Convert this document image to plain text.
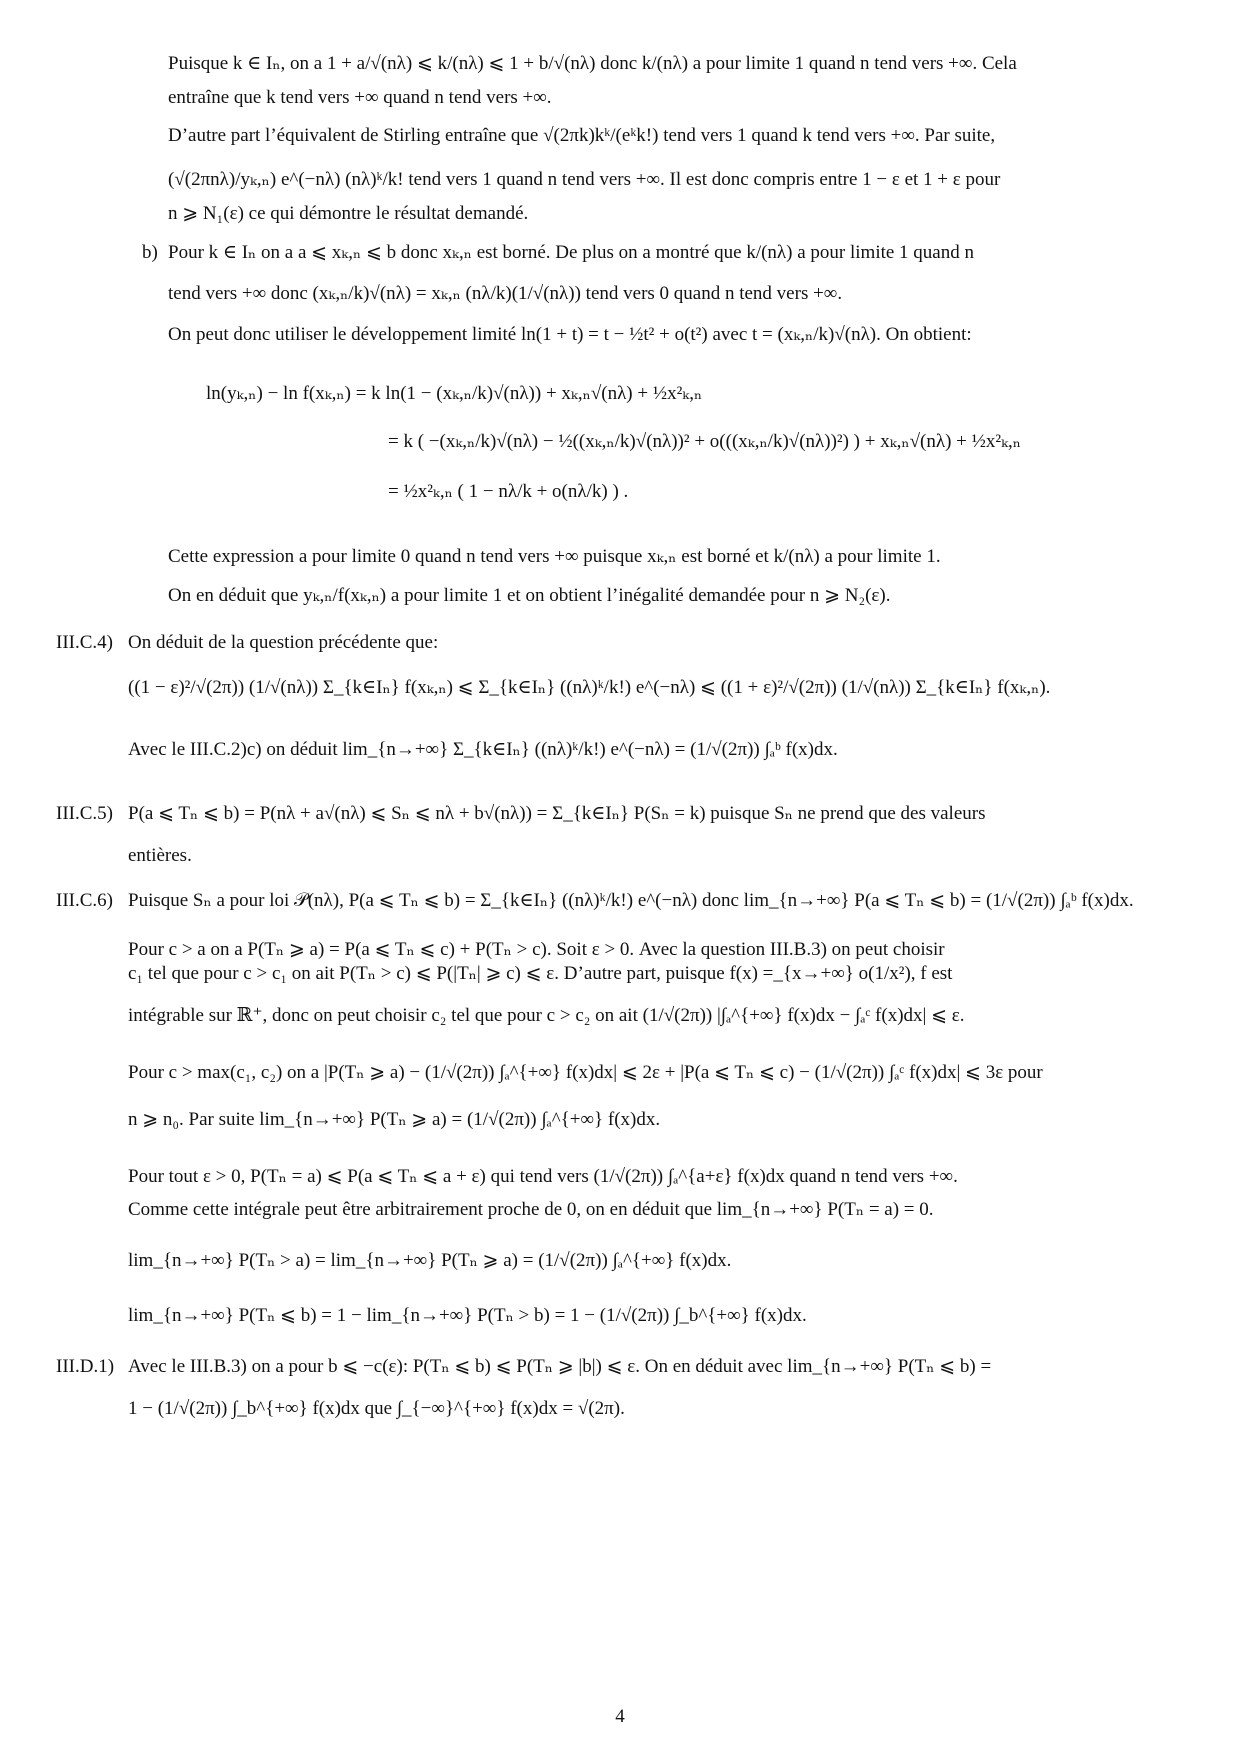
Puisque k ∈ Iₙ, on a 1 + a/√(nλ) ⩽ k/(nλ) ⩽ 1 + b/√(nλ) donc k/(nλ) a pour limite 1 quand n tend vers +∞. Cela
entraîne que k tend vers +∞ quand n tend vers +∞.
D’autre part l’équivalent de Stirling entraîne que √(2πk)kᵏ/(eᵏk!) tend vers 1 quand k tend vers +∞. Par suite,
(√(2πnλ)/yₖ,ₙ) e^(−nλ) (nλ)ᵏ/k! tend vers 1 quand n tend vers +∞. Il est donc compris entre 1 − ε et 1 + ε pour
n ⩾ N₁(ε) ce qui démontre le résultat demandé.
b) Pour k ∈ Iₙ on a a ⩽ xₖ,ₙ ⩽ b donc xₖ,ₙ est borné. De plus on a montré que k/(nλ) a pour limite 1 quand n
tend vers +∞ donc (xₖ,ₙ/k)√(nλ) = xₖ,ₙ (nλ/k)(1/√(nλ)) tend vers 0 quand n tend vers +∞.
On peut donc utiliser le développement limité ln(1 + t) = t − ½t² + o(t²) avec t = (xₖ,ₙ/k)√(nλ). On obtient:
ln(yₖ,ₙ) − ln f(xₖ,ₙ) = k ln(1 − (xₖ,ₙ/k)√(nλ)) + xₖ,ₙ√(nλ) + ½x²ₖ,ₙ
= k ( −(xₖ,ₙ/k)√(nλ) − ½((xₖ,ₙ/k)√(nλ))² + o(((xₖ,ₙ/k)√(nλ))²) ) + xₖ,ₙ√(nλ) + ½x²ₖ,ₙ
= ½x²ₖ,ₙ ( 1 − nλ/k + o(nλ/k) ) .
Cette expression a pour limite 0 quand n tend vers +∞ puisque xₖ,ₙ est borné et k/(nλ) a pour limite 1.
On en déduit que yₖ,ₙ/f(xₖ,ₙ) a pour limite 1 et on obtient l’inégalité demandée pour n ⩾ N₂(ε).
III.C.4) On déduit de la question précédente que:
((1 − ε)²/√(2π)) (1/√(nλ)) Σ_{k∈Iₙ} f(xₖ,ₙ) ⩽ Σ_{k∈Iₙ} ((nλ)ᵏ/k!) e^(−nλ) ⩽ ((1 + ε)²/√(2π)) (1/√(nλ)) Σ_{k∈Iₙ} f(xₖ,ₙ).
Avec le III.C.2)c) on déduit lim_{n→+∞} Σ_{k∈Iₙ} ((nλ)ᵏ/k!) e^(−nλ) = (1/√(2π)) ∫ₐᵇ f(x)dx.
III.C.5) P(a ⩽ Tₙ ⩽ b) = P(nλ + a√(nλ) ⩽ Sₙ ⩽ nλ + b√(nλ)) = Σ_{k∈Iₙ} P(Sₙ = k) puisque Sₙ ne prend que des valeurs
entières.
III.C.6) Puisque Sₙ a pour loi 𝒫(nλ), P(a ⩽ Tₙ ⩽ b) = Σ_{k∈Iₙ} ((nλ)ᵏ/k!) e^(−nλ) donc lim_{n→+∞} P(a ⩽ Tₙ ⩽ b) = (1/√(2π)) ∫ₐᵇ f(x)dx.
Pour c > a on a P(Tₙ ⩾ a) = P(a ⩽ Tₙ ⩽ c) + P(Tₙ > c). Soit ε > 0. Avec la question III.B.3) on peut choisir
c₁ tel que pour c > c₁ on ait P(Tₙ > c) ⩽ P(|Tₙ| ⩾ c) ⩽ ε. D’autre part, puisque f(x) =_{x→+∞} o(1/x²), f est
intégrable sur ℝ⁺, donc on peut choisir c₂ tel que pour c > c₂ on ait (1/√(2π)) |∫ₐ^{+∞} f(x)dx − ∫ₐᶜ f(x)dx| ⩽ ε.
Pour c > max(c₁, c₂) on a |P(Tₙ ⩾ a) − (1/√(2π)) ∫ₐ^{+∞} f(x)dx| ⩽ 2ε + |P(a ⩽ Tₙ ⩽ c) − (1/√(2π)) ∫ₐᶜ f(x)dx| ⩽ 3ε pour
n ⩾ n₀. Par suite lim_{n→+∞} P(Tₙ ⩾ a) = (1/√(2π)) ∫ₐ^{+∞} f(x)dx.
Pour tout ε > 0, P(Tₙ = a) ⩽ P(a ⩽ Tₙ ⩽ a + ε) qui tend vers (1/√(2π)) ∫ₐ^{a+ε} f(x)dx quand n tend vers +∞.
Comme cette intégrale peut être arbitrairement proche de 0, on en déduit que lim_{n→+∞} P(Tₙ = a) = 0.
lim_{n→+∞} P(Tₙ > a) = lim_{n→+∞} P(Tₙ ⩾ a) = (1/√(2π)) ∫ₐ^{+∞} f(x)dx.
lim_{n→+∞} P(Tₙ ⩽ b) = 1 − lim_{n→+∞} P(Tₙ > b) = 1 − (1/√(2π)) ∫_b^{+∞} f(x)dx.
III.D.1) Avec le III.B.3) on a pour b ⩽ −c(ε): P(Tₙ ⩽ b) ⩽ P(Tₙ ⩾ |b|) ⩽ ε. On en déduit avec lim_{n→+∞} P(Tₙ ⩽ b) =
1 − (1/√(2π)) ∫_b^{+∞} f(x)dx que ∫_{−∞}^{+∞} f(x)dx = √(2π).
4
